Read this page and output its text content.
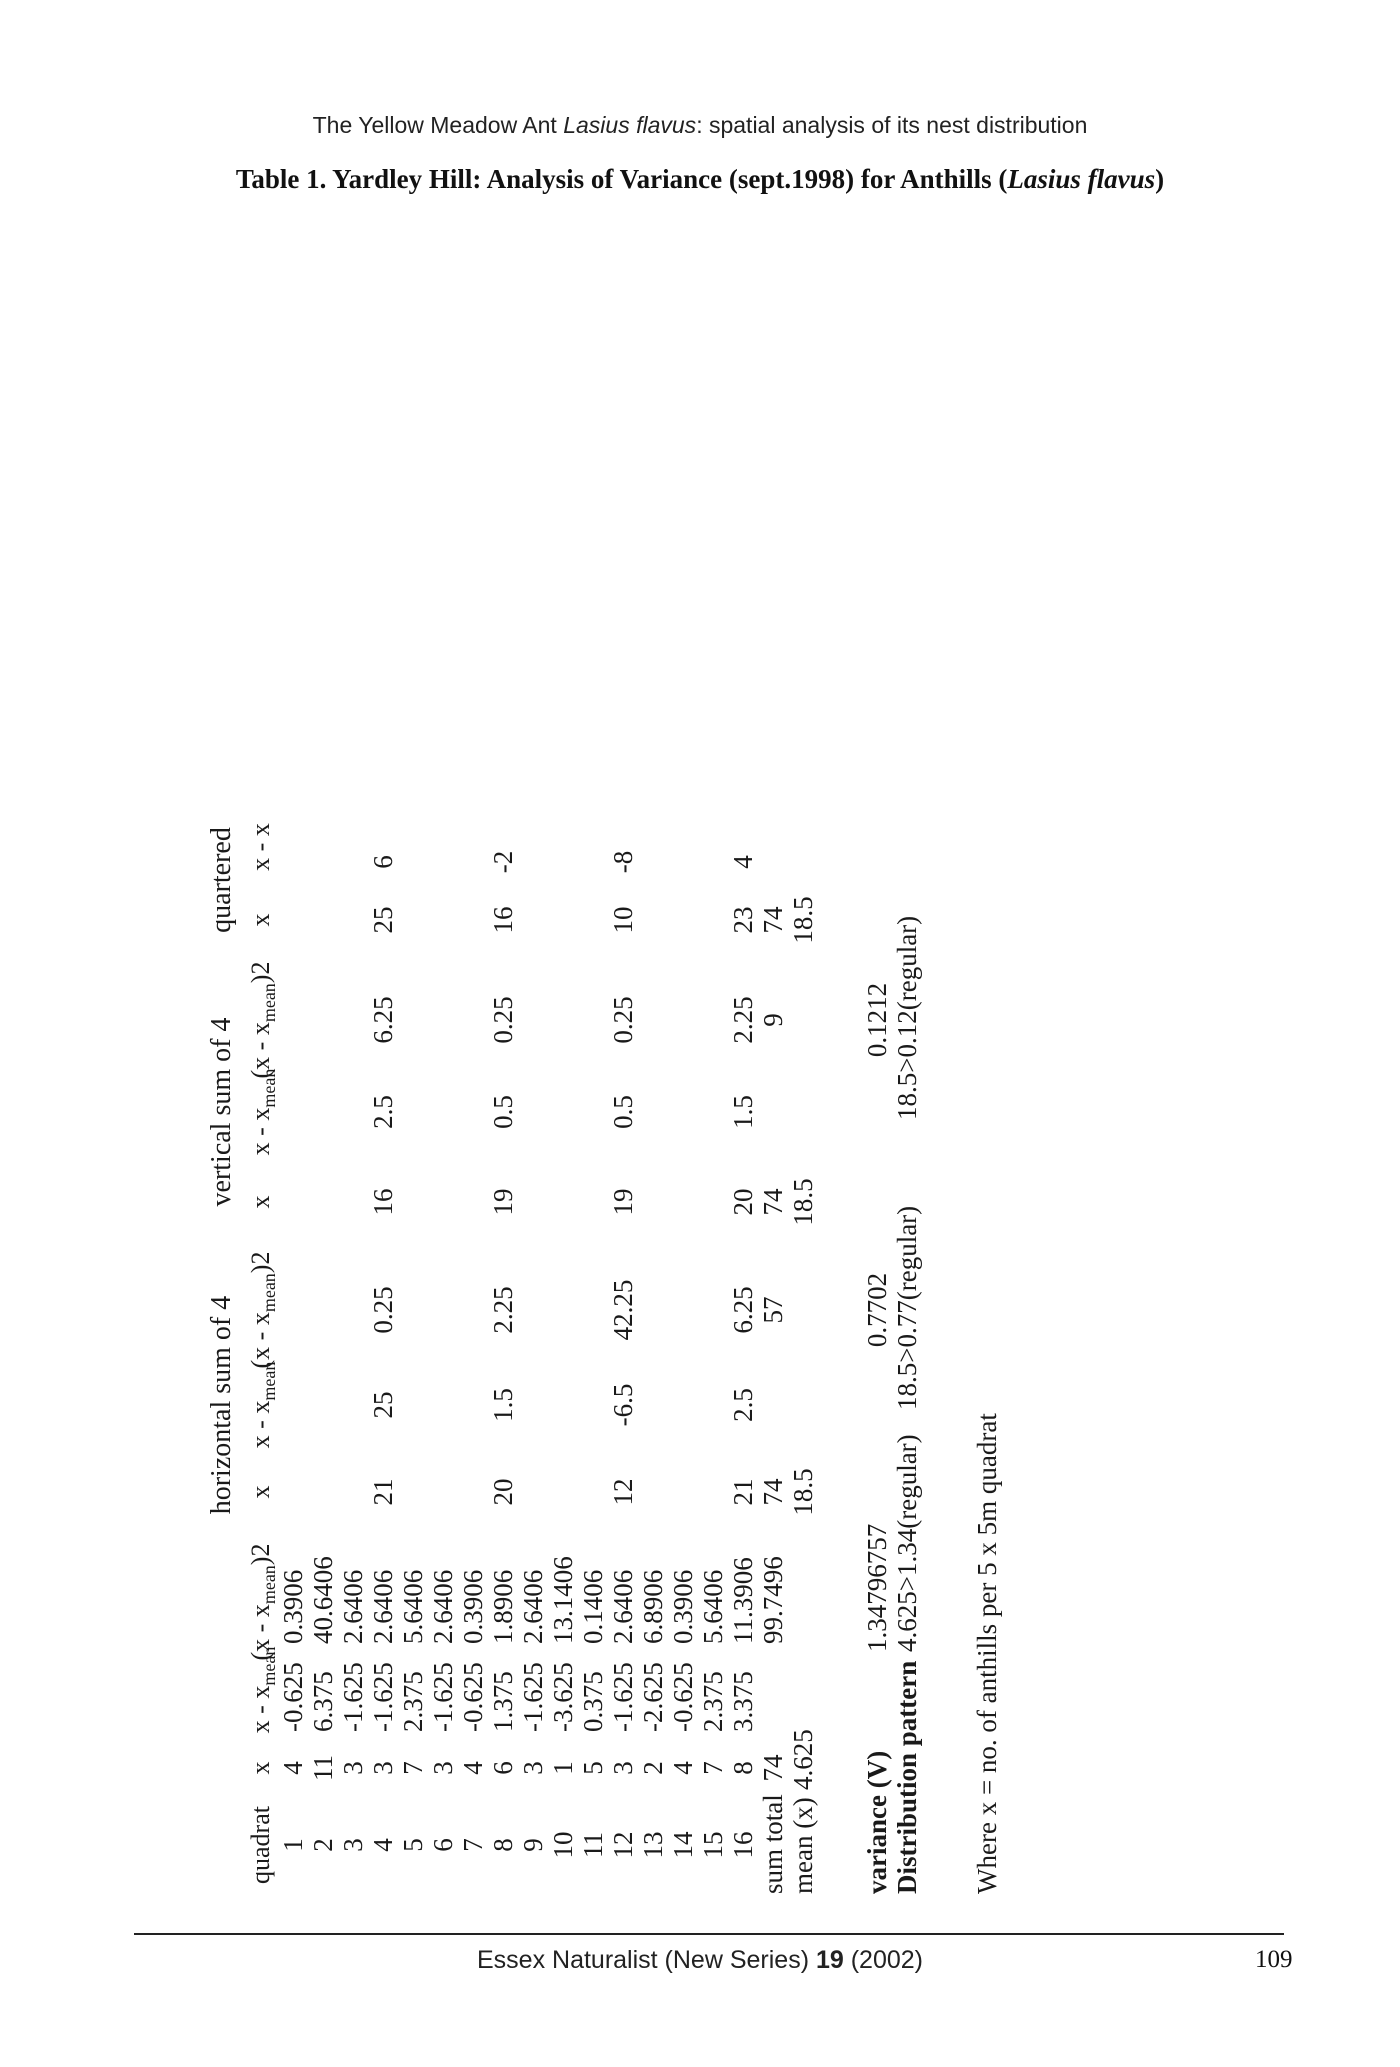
The Yellow Meadow Ant Lasius flavus: spatial analysis of its nest distribution
Table 1. Yardley Hill: Analysis of Variance (sept.1998) for Anthills (Lasius flavus)
horizontal sum of 4
vertical sum of 4
quartered
quadrat
x
x - $x_{mean}$
$(x - x_{mean})2$
x
x - $x_{mean}$
$(x - x_{mean})2$
x
x - $x_{mean}$
$(x - x_{mean})2$
x
x - x
1
4
-0.625
0.3906
2
11
6.375
40.6406
3
3
-1.625
2.6406
4
3
-1.625
2.6406
5
7
2.375
5.6406
6
3
-1.625
2.6406
7
4
-0.625
0.3906
8
6
1.375
1.8906
9
3
-1.625
2.6406
10
1
-3.625
13.1406
11
5
0.375
0.1406
12
3
-1.625
2.6406
13
2
-2.625
6.8906
14
4
-0.625
0.3906
15
7
2.375
5.6406
16
8
3.375
11.3906
21
25
0.25
16
2.5
6.25
25
6
20
1.5
2.25
19
0.5
0.25
16
-2
12
-6.5
42.25
19
0.5
0.25
10
-8
21
2.5
6.25
20
1.5
2.25
23
4
sum total
74
99.7496
74
57
74
9
74
mean (x)
4.625
18.5
18.5
18.5
variance (V)
1.34796757
0.7702
0.1212
Distribution pattern
4.625>1.34(regular)
18.5>0.77(regular)
18.5>0.12(regular)
Where x = no. of anthills per 5 x 5m quadrat
Essex Naturalist (New Series) 19 (2002)	109
